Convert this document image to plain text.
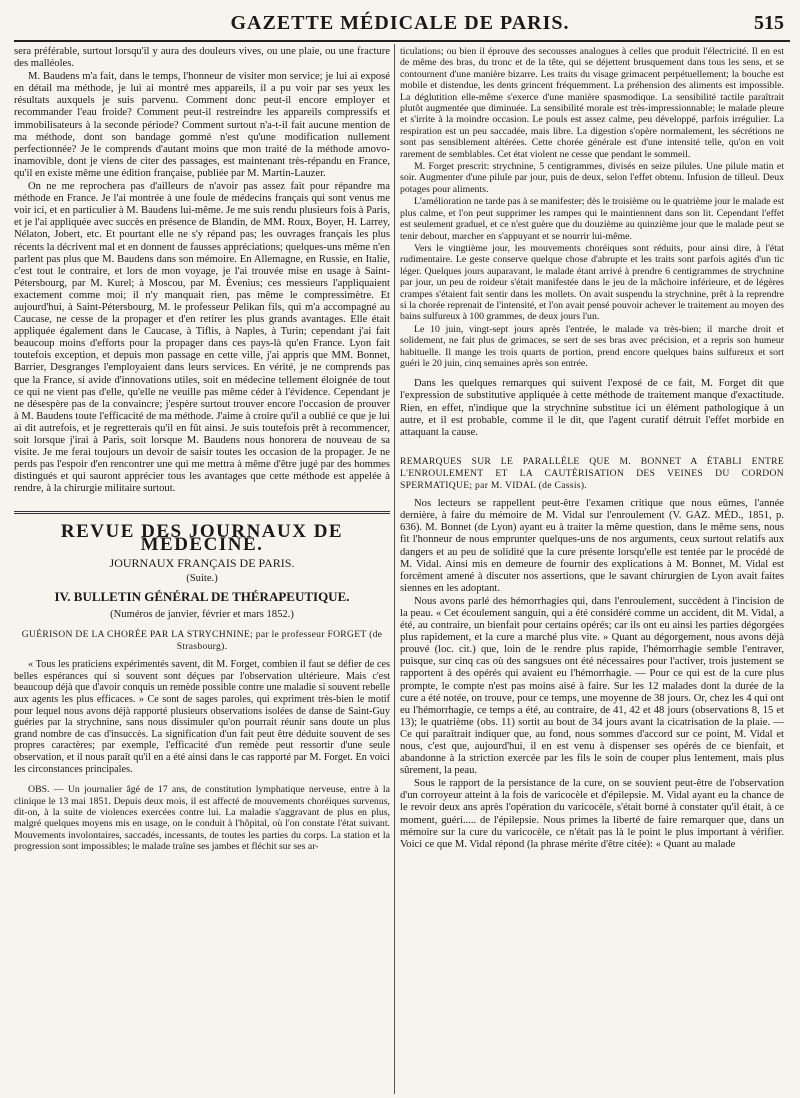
GAZETTE MÉDICALE DE PARIS.	515

sera préférable, surtout lorsqu'il y aura des douleurs vives, ou une plaie, ou une fracture des malléoles.

M. Baudens m'a fait, dans le temps, l'honneur de visiter mon service; je lui ai exposé en détail ma méthode, je lui ai montré mes appareils, il a pu voir par ses yeux les résultats auxquels je suis parvenu. Comment donc peut-il encore employer et recommander l'eau froide? Comment peut-il restreindre les appareils compressifs et immobilisateurs à la seconde période? Comment surtout n'a-t-il fait aucune mention de ma méthode, dont son bandage gommé n'est qu'une modification nullement perfectionnée? Je le comprends d'autant moins que mon traité de la méthode amovo-inamovible, dont je viens de citer des passages, est maintenant très-répandu en France, qu'il en existe même une édition française, publiée par M. Martin-Lauzer.

On ne me reprochera pas d'ailleurs de n'avoir pas assez fait pour répandre ma méthode en France. Je l'ai montrée à une foule de médecins français qui sont venus me voir ici, et en particulier à M. Baudens lui-même. Je me suis rendu plusieurs fois à Paris, et je l'ai appliquée avec succès en présence de Blandin, de MM. Roux, Boyer, H. Larrey, Nélaton, Jobert, etc. Et pourtant elle ne s'y répand pas; les ouvrages français les plus récents la décrivent mal et en donnent de fausses appréciations; quelques-uns même n'en parlent pas plus que M. Baudens dans son mémoire. En Allemagne, en Russie, en Italie, c'est tout le contraire, et lors de mon voyage, je l'ai trouvée mise en usage à Saint-Pétersbourg, par M. Kurel; à Moscou, par M. Évenius; ces messieurs l'appliquaient exactement comme moi; il n'y manquait rien, pas même le compressimètre. Et aujourd'hui, à Saint-Pétersbourg, M. le professeur Pelikan fils, qui m'a accompagné au Caucase, ne cesse de la propager et d'en retirer les plus grands avantages. Elle était appliquée également dans le Caucase, à Tiflis, à Naples, à Turin; cependant j'ai fait beaucoup moins d'efforts pour la propager dans ces pays-là qu'en France. Lyon fait toutefois exception, et depuis mon passage en cette ville, j'ai appris que MM. Bonnet, Barrier, Desgranges l'employaient dans leurs services. En vérité, je ne comprends pas que la France, si avide d'innovations utiles, soit en médecine tellement éloignée de tout ce qui ne vient pas d'elle, qu'elle ne veuille pas même céder à l'évidence. Cependant je ne désespère pas de la convaincre; j'espère surtout trouver encore l'occasion de prouver à M. Baudens toute l'efficacité de ma méthode. J'aime à croire qu'il a oublié ce que je lui ai dit autrefois, et je regretterais qu'il en fût ainsi. Je suis toutefois prêt à recommencer, soit lorsque j'irai à Paris, soit lorsque M. Baudens nous honorera de nouveau de sa visite. Je me ferai toujours un devoir de saisir toutes les occasion de la propager. Je ne perds pas l'espoir d'en rencontrer une qui me mettra à même d'être jugé par des hommes distingués et qui sauront apprécier tous les avantages que cette méthode est appelée à rendre, à la chirurgie militaire surtout.

REVUE DES JOURNAUX DE MÉDECINE.
JOURNAUX FRANÇAIS DE PARIS.
(Suite.)
IV. BULLETIN GÉNÉRAL DE THÉRAPEUTIQUE.
(Numéros de janvier, février et mars 1852.)
GUÉRISON DE LA CHORÉE PAR LA STRYCHNINE; par le professeur FORGET (de Strasbourg).

« Tous les praticiens expérimentés savent, dit M. Forget, combien il faut se défier de ces belles espérances qui si souvent sont déçues par l'observation ultérieure. Mais c'est beaucoup déjà que d'avoir conquis un remède possible contre une maladie si souvent rebelle aux agents les plus efficaces. » Ce sont de sages paroles, qui expriment très-bien le motif pour lequel nous avons déjà rapporté plusieurs observations isolées de danse de Saint-Guy guéries par la strychnine, sans nous dissimuler qu'on pourrait réunir sans doute un plus grand nombre de cas d'insuccès. La signification d'un fait peut être déduite souvent de ses propres caractères; par exemple, l'efficacité d'un remède peut ressortir d'une seule observation, et il nous paraît qu'il en a été ainsi dans le cas rapporté par M. Forget. En voici les circonstances principales.

OBS. — Un journalier âgé de 17 ans, de constitution lymphatique nerveuse, entre à la clinique le 13 mai 1851. Depuis deux mois, il est affecté de mouvements choréiques survenus, dit-on, à la suite de violences exercées contre lui. La maladie s'aggravant de plus en plus, malgré quelques moyens mis en usage, on le conduit à l'hôpital, où l'on constate l'état suivant. Mouvements involontaires, saccadés, incessants, de toutes les parties du corps. La station et la progression sont impossibles; le malade traîne ses jambes et fléchit sur ses ar-

ticulations; ou bien il éprouve des secousses analogues à celles que produit l'électricité. Il en est de même des bras, du tronc et de la tête, qui se déjettent brusquement dans tous les sens, et se contournent d'une manière bizarre. Les traits du visage grimacent perpétuellement; la bouche est mobile et distendue, les dents grincent fréquemment. La préhension des aliments est impossible. La déglutition elle-même s'exerce d'une manière spasmodique. La sensibilité tactile paraîtrait plutôt augmentée que diminuée. La sensibilité morale est très-impressionnable; le malade pleure et s'irrite à la moindre occasion. Le pouls est assez calme, peu développé, parfois irrégulier. La respiration est un peu saccadée, mais libre. La digestion s'opère normalement, les sécrétions ne sont pas sensiblement altérées. Cette chorée générale est d'une intensité telle, qu'on en voit rarement de semblables. Cet état violent ne cesse que pendant le sommeil.

M. Forget prescrit: strychnine, 5 centigrammes, divisés en seize pilules. Une pilule matin et soir. Augmenter d'une pilule par jour, puis de deux, selon l'effet obtenu. Infusion de tilleul. Deux potages pour aliments.

L'amélioration ne tarde pas à se manifester; dès le troisième ou le quatrième jour le malade est plus calme, et l'on peut supprimer les rampes qui le maintiennent dans son lit. Cependant l'effet est seulement graduel, et ce n'est guère que du douzième au quinzième jour que le malade peut se tenir debout, marcher en s'appuyant et se nourrir lui-même.

Vers le vingtième jour, les mouvements choréiques sont réduits, pour ainsi dire, à l'état rudimentaire. Le geste conserve quelque chose d'abrupte et les traits sont parfois agités d'un tic léger. Quelques jours auparavant, le malade étant arrivé à prendre 6 centigrammes de strychnine par jour, un peu de roideur s'était manifestée dans le jeu de la mâchoire inférieure, et de légères crampes s'étaient fait sentir dans les mollets. On avait suspendu la strychnine, prêt à la reprendre si la chorée reprenait de l'intensité, et l'on avait pensé pouvoir achever le traitement au moyen des bains sulfureux à 100 grammes, de deux jours l'un.

Le 10 juin, vingt-sept jours après l'entrée, le malade va très-bien; il marche droit et solidement, ne fait plus de grimaces, se sert de ses bras avec précision, et a repris son humeur habituelle. Il mange les trois quarts de portion, prend encore quelques bains sulfureux et sort guéri le 20 juin, cinq semaines après son entrée.

Dans les quelques remarques qui suivent l'exposé de ce fait, M. Forget dit que l'expression de substitutive appliquée à cette méthode de traitement manque d'exactitude. Rien, en effet, n'indique que la strychnine substitue ici un élément pathologique à un autre, et il est probable, comme il le dit, que l'agent curatif détruit l'effet morbide en attaquant la cause.

REMARQUES SUR LE PARALLÈLE QUE M. BONNET A ÉTABLI ENTRE L'ENROULEMENT ET LA CAUTÉRISATION DES VEINES DU CORDON SPERMATIQUE; par M. VIDAL (de Cassis).

Nos lecteurs se rappellent peut-être l'examen critique que nous eûmes, l'année dernière, à faire du mémoire de M. Vidal sur l'enroulement (V. GAZ. MÉD., 1851, p. 636). M. Bonnet (de Lyon) ayant eu à traiter la même question, dans le même sens, nous fit l'honneur de nous emprunter quelques-uns de nos arguments, ceux surtout relatifs aux dangers et au peu de solidité que la cure présente lorsqu'elle est tentée par le procédé de M. Vidal. Ainsi mis en demeure de fournir des explications à M. Bonnet, M. Vidal est forcément amené à discuter nos assertions, que le savant chirurgien de Lyon avait faites siennes en les adoptant.

Nous avons parlé des hémorrhagies qui, dans l'enroulement, succèdent à l'incision de la peau. « Cet écoulement sanguin, qui a été considéré comme un accident, dit M. Vidal, a été, au contraire, un bienfait pour certains opérés; car ils ont eu ainsi les parties dégorgées plus rapidement, et la cure a marché plus vite. » Quant au dégorgement, nous avons déjà prouvé (loc. cit.) que, loin de le rendre plus rapide, l'hémorrhagie semble l'entraver, puisque, sur cinq cas où des sangsues ont été nécessaires pour l'activer, trois justement se rapportent à des opérés qui avaient eu l'hémorrhagie. — Pour ce qui est de la cure plus prompte, le compte n'est pas moins aisé à faire. Sur les 12 malades dont la durée de la cure a été notée, on trouve, pour ce temps, une moyenne de 38 jours. Or, chez les 4 qui ont eu l'hémorrhagie, ce temps a été, au contraire, de 41, 42 et 48 jours (observations 8, 15 et 13); le quatrième (obs. 11) sortit au bout de 34 jours avant la cicatrisation de la plaie. — Ce qui paraîtrait indiquer que, au fond, nous sommes d'accord sur ce point, M. Vidal et nous, c'est que, aujourd'hui, il en est venu à dispenser ses opérés de ce bienfait, et abandonne à la striction exercée par les fils le soin de couper plus lentement, mais plus sûrement, la peau.

Sous le rapport de la persistance de la cure, on se souvient peut-être de l'observation d'un corroyeur atteint à la fois de varicocèle et d'épilepsie. M. Vidal ayant eu la chance de le revoir deux ans après l'opération du varicocèle, s'était borné à constater qu'il était, à ce moment, guéri..... de l'épilepsie. Nous primes la liberté de faire remarquer que, dans un mémoire sur la cure du varicocèle, ce n'était pas là le point le plus important à vérifier. Voici ce que M. Vidal répond (la phrase mérite d'être citée): « Quant au malade
